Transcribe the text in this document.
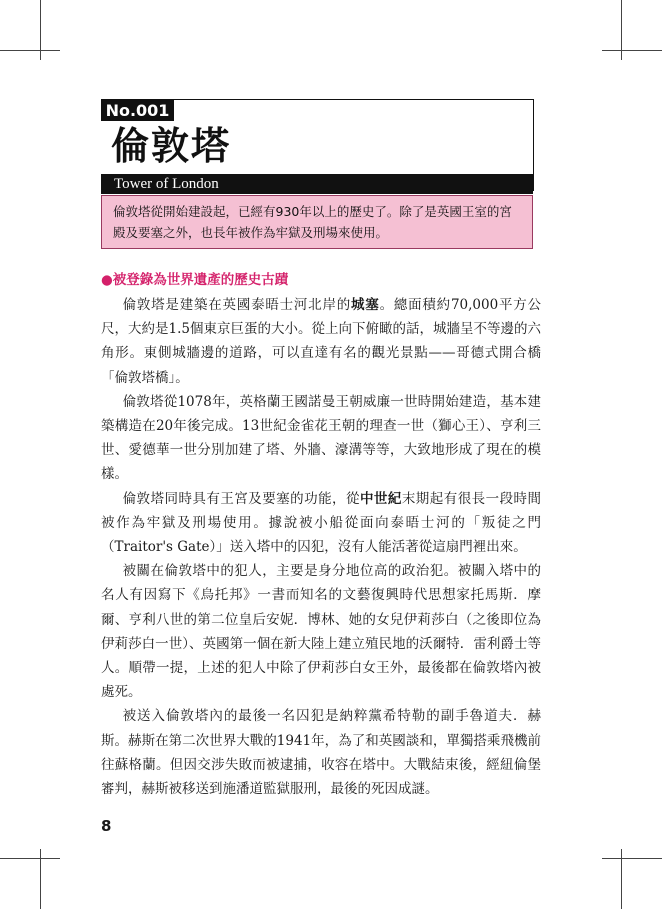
No.001
倫敦塔
Tower of London
倫敦塔從開始建設起，已經有930年以上的歷史了。除了是英國王室的宮殿及要塞之外，也長年被作為牢獄及刑場來使用。
●被登錄為世界遺產的歷史古蹟

倫敦塔是建築在英國泰晤士河北岸的城塞。總面積約70,000平方公尺，大約是1.5個東京巨蛋的大小。從上向下俯瞰的話，城牆呈不等邊的六角形。東側城牆邊的道路，可以直達有名的觀光景點——哥德式開合橋「倫敦塔橋」。

倫敦塔從1078年，英格蘭王國諾曼王朝威廉一世時開始建造，基本建築構造在20年後完成。13世紀金雀花王朝的理查一世（獅心王）、亨利三世、愛德華一世分別加建了塔、外牆、濠溝等等，大致地形成了現在的模樣。

倫敦塔同時具有王宮及要塞的功能，從中世紀末期起有很長一段時間被作為牢獄及刑場使用。據說被小船從面向泰晤士河的「叛徒之門（Traitor's Gate）」送入塔中的囚犯，沒有人能活著從這扇門裡出來。

被關在倫敦塔中的犯人，主要是身分地位高的政治犯。被關入塔中的名人有因寫下《烏托邦》一書而知名的文藝復興時代思想家托馬斯．摩爾、亨利八世的第二位皇后安妮．博林、她的女兒伊莉莎白（之後即位為伊莉莎白一世）、英國第一個在新大陸上建立殖民地的沃爾特．雷利爵士等人。順帶一提，上述的犯人中除了伊莉莎白女王外，最後都在倫敦塔內被處死。

被送入倫敦塔內的最後一名囚犯是納粹黨希特勒的副手魯道夫．赫斯。赫斯在第二次世界大戰的1941年，為了和英國談和，單獨搭乘飛機前往蘇格蘭。但因交涉失敗而被逮捕，收容在塔中。大戰結束後，經紐倫堡審判，赫斯被移送到施潘道監獄服刑，最後的死因成謎。

8
